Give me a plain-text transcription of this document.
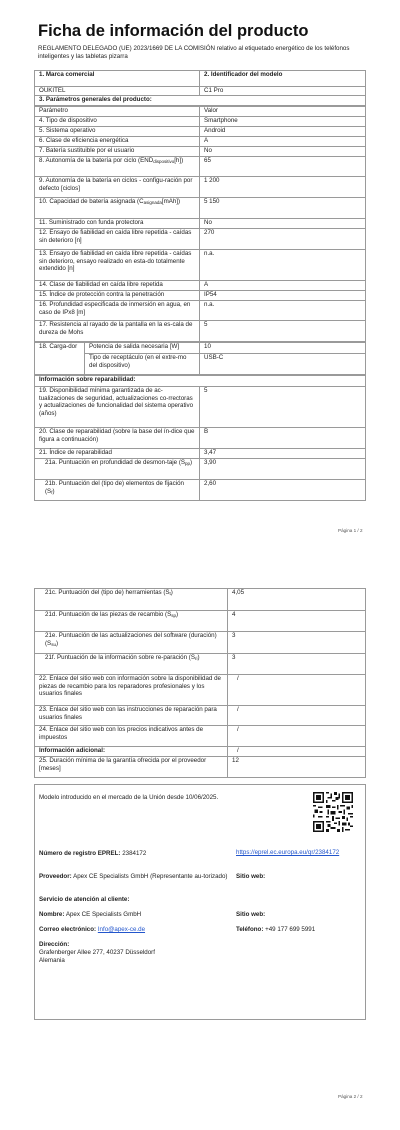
Ficha de información del producto
REGLAMENTO DELEGADO (UE) 2023/1669 DE LA COMISIÓN relativo al etiquetado energético de los teléfonos inteligentes y las tabletas pizarra
1. Marca comercial	2. Identificador del modelo
OUKITEL	C1 Pro
3. Parámetros generales del producto:	
Parámetro	Valor
4. Tipo de dispositivo	Smartphone
5. Sistema operativo	Android
6. Clase de eficiencia energética	A
7. Batería sustituible por el usuario	No
8. Autonomía de la batería por ciclo $(END_{dispositivo}[h])$	65
9. Autonomía de la batería en ciclos - configu-ración por defecto [ciclos]	1 200
10. Capacidad de batería asignada $(C_{asignada}[mAh])$	5 150
11. Suministrado con funda protectora	No
12. Ensayo de fiabilidad en caída libre repetida - caídas sin deterioro [n]	270
13. Ensayo de fiabilidad en caída libre repetida - caídas sin deterioro, ensayo realizado en esta-do totalmente extendido [n]	n.a.
14. Clase de fiabilidad en caída libre repetida	A
15. Índice de protección contra la penetración	IP54
16. Profundidad especificada de inmersión en agua, en caso de IPx8 [m]	n.a.
17. Resistencia al rayado de la pantalla en la es-cala de dureza de Mohs	5
18. Carga-dor	Potencia de salida necesaria [W]	10
	Tipo de receptáculo (en el extre-mo del dispositivo)	USB-C
Información sobre reparabilidad:	
19. Disponibilidad mínima garantizada de ac-tualizaciones de seguridad, actualizaciones co-rrectoras y actualizaciones de funcionalidad del sistema operativo (años)	5
20. Clase de reparabilidad (sobre la base del ín-dice que figura a continuación)	B
21. Índice de reparabilidad	3,47
21a. Puntuación en profundidad de desmon-taje $(S_{pp})$	3,90
21b. Puntuación del (tipo de) elementos de fijación $(S_f)$	2,60
Página 1 / 2
21c. Puntuación del (tipo de) herramientas $(S_t)$	4,05
21d. Puntuación de las piezas de recambio $(S_{sp})$	4
21e. Puntuación de las actualizaciones del software (duración) $(S_{su})$	3
21f. Puntuación de la información sobre re-paración $(S_{ri})$	3
22. Enlace del sitio web con información sobre la disponibilidad de piezas de recambio para los reparadores profesionales y los usuarios finales	/
23. Enlace del sitio web con las instrucciones de reparación para usuarios finales	/
24. Enlace del sitio web con los precios indicativos antes de impuestos	/
Información adicional:	/
25. Duración mínima de la garantía ofrecida por el proveedor [meses]	12
Modelo introducido en el mercado de la Unión desde 10/06/2025.
Número de registro EPREL: 2384172	https://eprel.ec.europa.eu/qr/2384172
Proveedor: Apex CE Specialists GmbH (Representante au-torizado) Sitio web:
Servicio de atención al cliente:
Nombre: Apex CE Specialists GmbH	Sitio web:
Correo electrónico: Info@apex-ce.de	Teléfono: +49 177 699 5991
Dirección:
Grafenberger Allee 277, 40237 Düsseldorf
Alemania
Página 2 / 2
